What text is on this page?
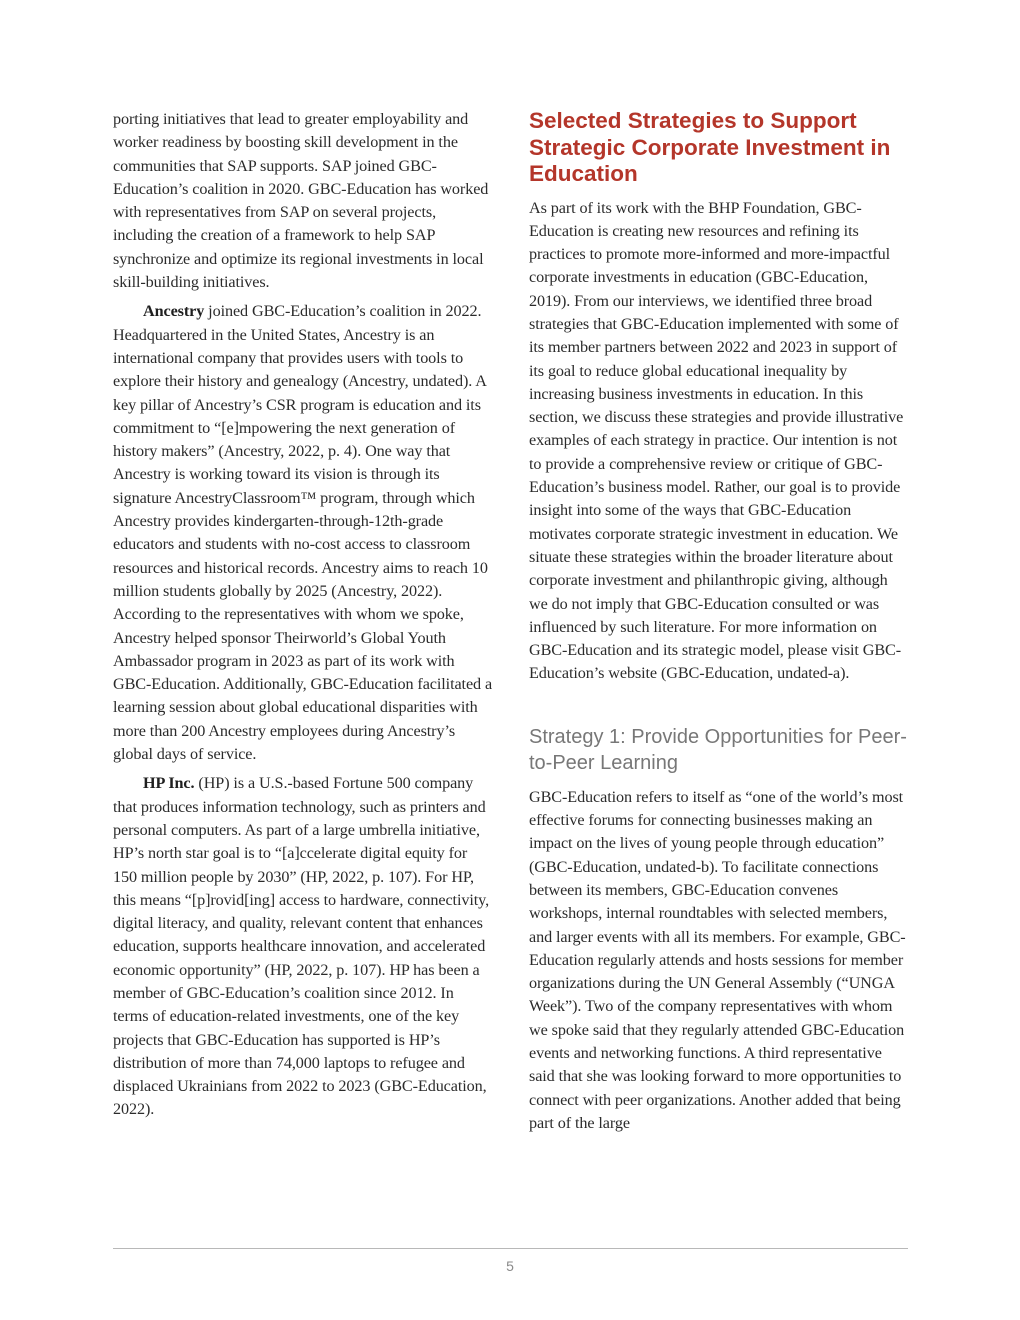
porting initiatives that lead to greater employability and worker readiness by boosting skill development in the communities that SAP supports. SAP joined GBC-Education’s coalition in 2020. GBC-Education has worked with representatives from SAP on several projects, including the creation of a framework to help SAP synchronize and optimize its regional investments in local skill-building initiatives.

Ancestry joined GBC-Education’s coalition in 2022. Headquartered in the United States, Ancestry is an international company that provides users with tools to explore their history and genealogy (Ancestry, undated). A key pillar of Ancestry’s CSR program is education and its commitment to “[e]mpowering the next generation of history makers” (Ancestry, 2022, p. 4). One way that Ancestry is working toward its vision is through its signature AncestryClassroom™ program, through which Ancestry provides kindergarten-through-12th-grade educators and students with no-cost access to classroom resources and historical records. Ancestry aims to reach 10 million students globally by 2025 (Ancestry, 2022). According to the representatives with whom we spoke, Ancestry helped sponsor Theirworld’s Global Youth Ambassador program in 2023 as part of its work with GBC-Education. Additionally, GBC-Education facilitated a learning session about global educational disparities with more than 200 Ancestry employees during Ancestry’s global days of service.

HP Inc. (HP) is a U.S.-based Fortune 500 company that produces information technology, such as printers and personal computers. As part of a large umbrella initiative, HP’s north star goal is to “[a]ccelerate digital equity for 150 million people by 2030” (HP, 2022, p. 107). For HP, this means “[p]rovid[ing] access to hardware, connectivity, digital literacy, and quality, relevant content that enhances education, supports healthcare innovation, and accelerated economic opportunity” (HP, 2022, p. 107). HP has been a member of GBC-Education’s coalition since 2012. In terms of education-related investments, one of the key projects that GBC-Education has supported is HP’s distribution of more than 74,000 laptops to refugee and displaced Ukrainians from 2022 to 2023 (GBC-Education, 2022).

Selected Strategies to Support Strategic Corporate Investment in Education

As part of its work with the BHP Foundation, GBC-Education is creating new resources and refining its practices to promote more-informed and more-impactful corporate investments in education (GBC-Education, 2019). From our interviews, we identified three broad strategies that GBC-Education implemented with some of its member partners between 2022 and 2023 in support of its goal to reduce global educational inequality by increasing business investments in education. In this section, we discuss these strategies and provide illustrative examples of each strategy in practice. Our intention is not to provide a comprehensive review or critique of GBC-Education’s business model. Rather, our goal is to provide insight into some of the ways that GBC-Education motivates corporate strategic investment in education. We situate these strategies within the broader literature about corporate investment and philanthropic giving, although we do not imply that GBC-Education consulted or was influenced by such literature. For more information on GBC-Education and its strategic model, please visit GBC-Education’s website (GBC-Education, undated-a).

Strategy 1: Provide Opportunities for Peer-to-Peer Learning

GBC-Education refers to itself as “one of the world’s most effective forums for connecting businesses making an impact on the lives of young people through education” (GBC-Education, undated-b). To facilitate connections between its members, GBC-Education convenes workshops, internal roundtables with selected members, and larger events with all its members. For example, GBC-Education regularly attends and hosts sessions for member organizations during the UN General Assembly (“UNGA Week”). Two of the company representatives with whom we spoke said that they regularly attended GBC-Education events and networking functions. A third representative said that she was looking forward to more opportunities to connect with peer organizations. Another added that being part of the large

5
